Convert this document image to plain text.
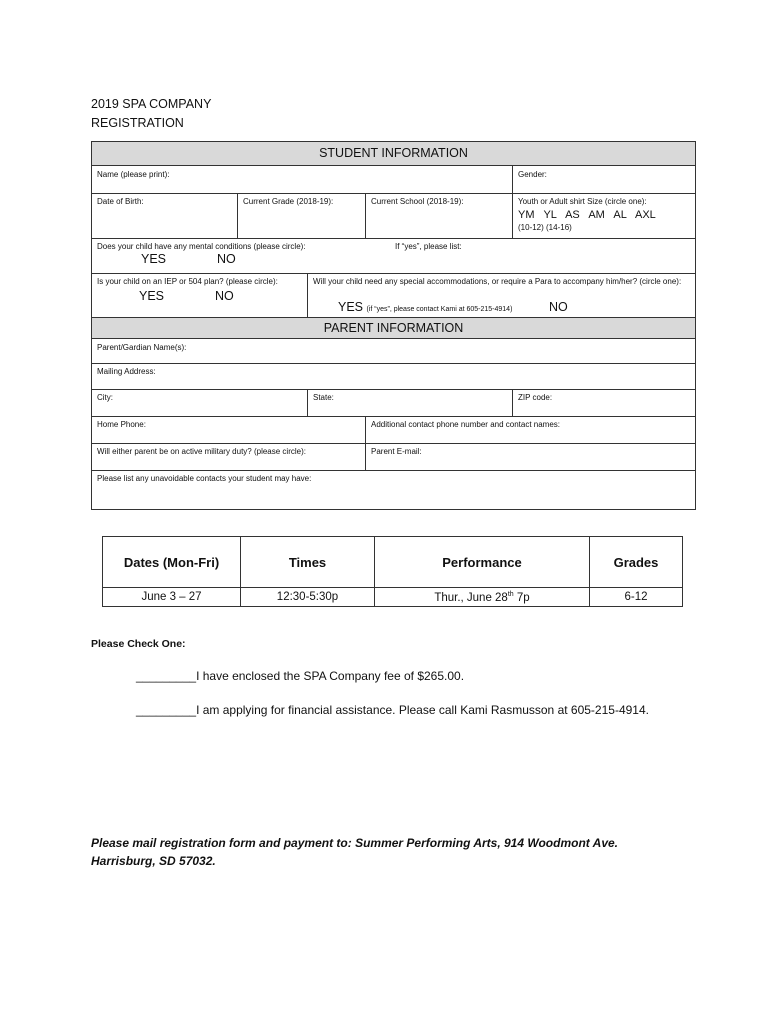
2019 SPA COMPANY
REGISTRATION
STUDENT INFORMATION
Name (please print):	Gender:
Date of Birth:	Current Grade (2018-19):	Current School (2018-19):	Youth or Adult shirt Size (circle one):
YM   YL   AS   AM   AL   AXL
(10-12) (14-16)
Does your child have any mental conditions (please circle):	If “yes”, please list:
YES	NO
Is your child on an IEP or 504 plan? (please circle):
YES	NO
Will your child need any special accommodations, or require a Para to accompany him/her? (circle one):
YES (if “yes”, please contact Kami at 605-215-4914)	NO
PARENT INFORMATION
Parent/Gardian Name(s):
Mailing Address:
City:	State:	ZIP code:
Home Phone:	Additional contact phone number and contact names:
Will either parent be on active military duty? (please circle):	Parent E-mail:
Please list any unavoidable contacts your student may have:
Dates (Mon-Fri)	Times	Performance	Grades
June 3 – 27	12:30-5:30p	Thur., June 28th 7p	6-12
Please Check One:
_________I have enclosed the SPA Company fee of $265.00.
_________I am applying for financial assistance. Please call Kami Rasmusson at 605-215-4914.
Please mail registration form and payment to: Summer Performing Arts, 914 Woodmont Ave.
Harrisburg, SD 57032.
